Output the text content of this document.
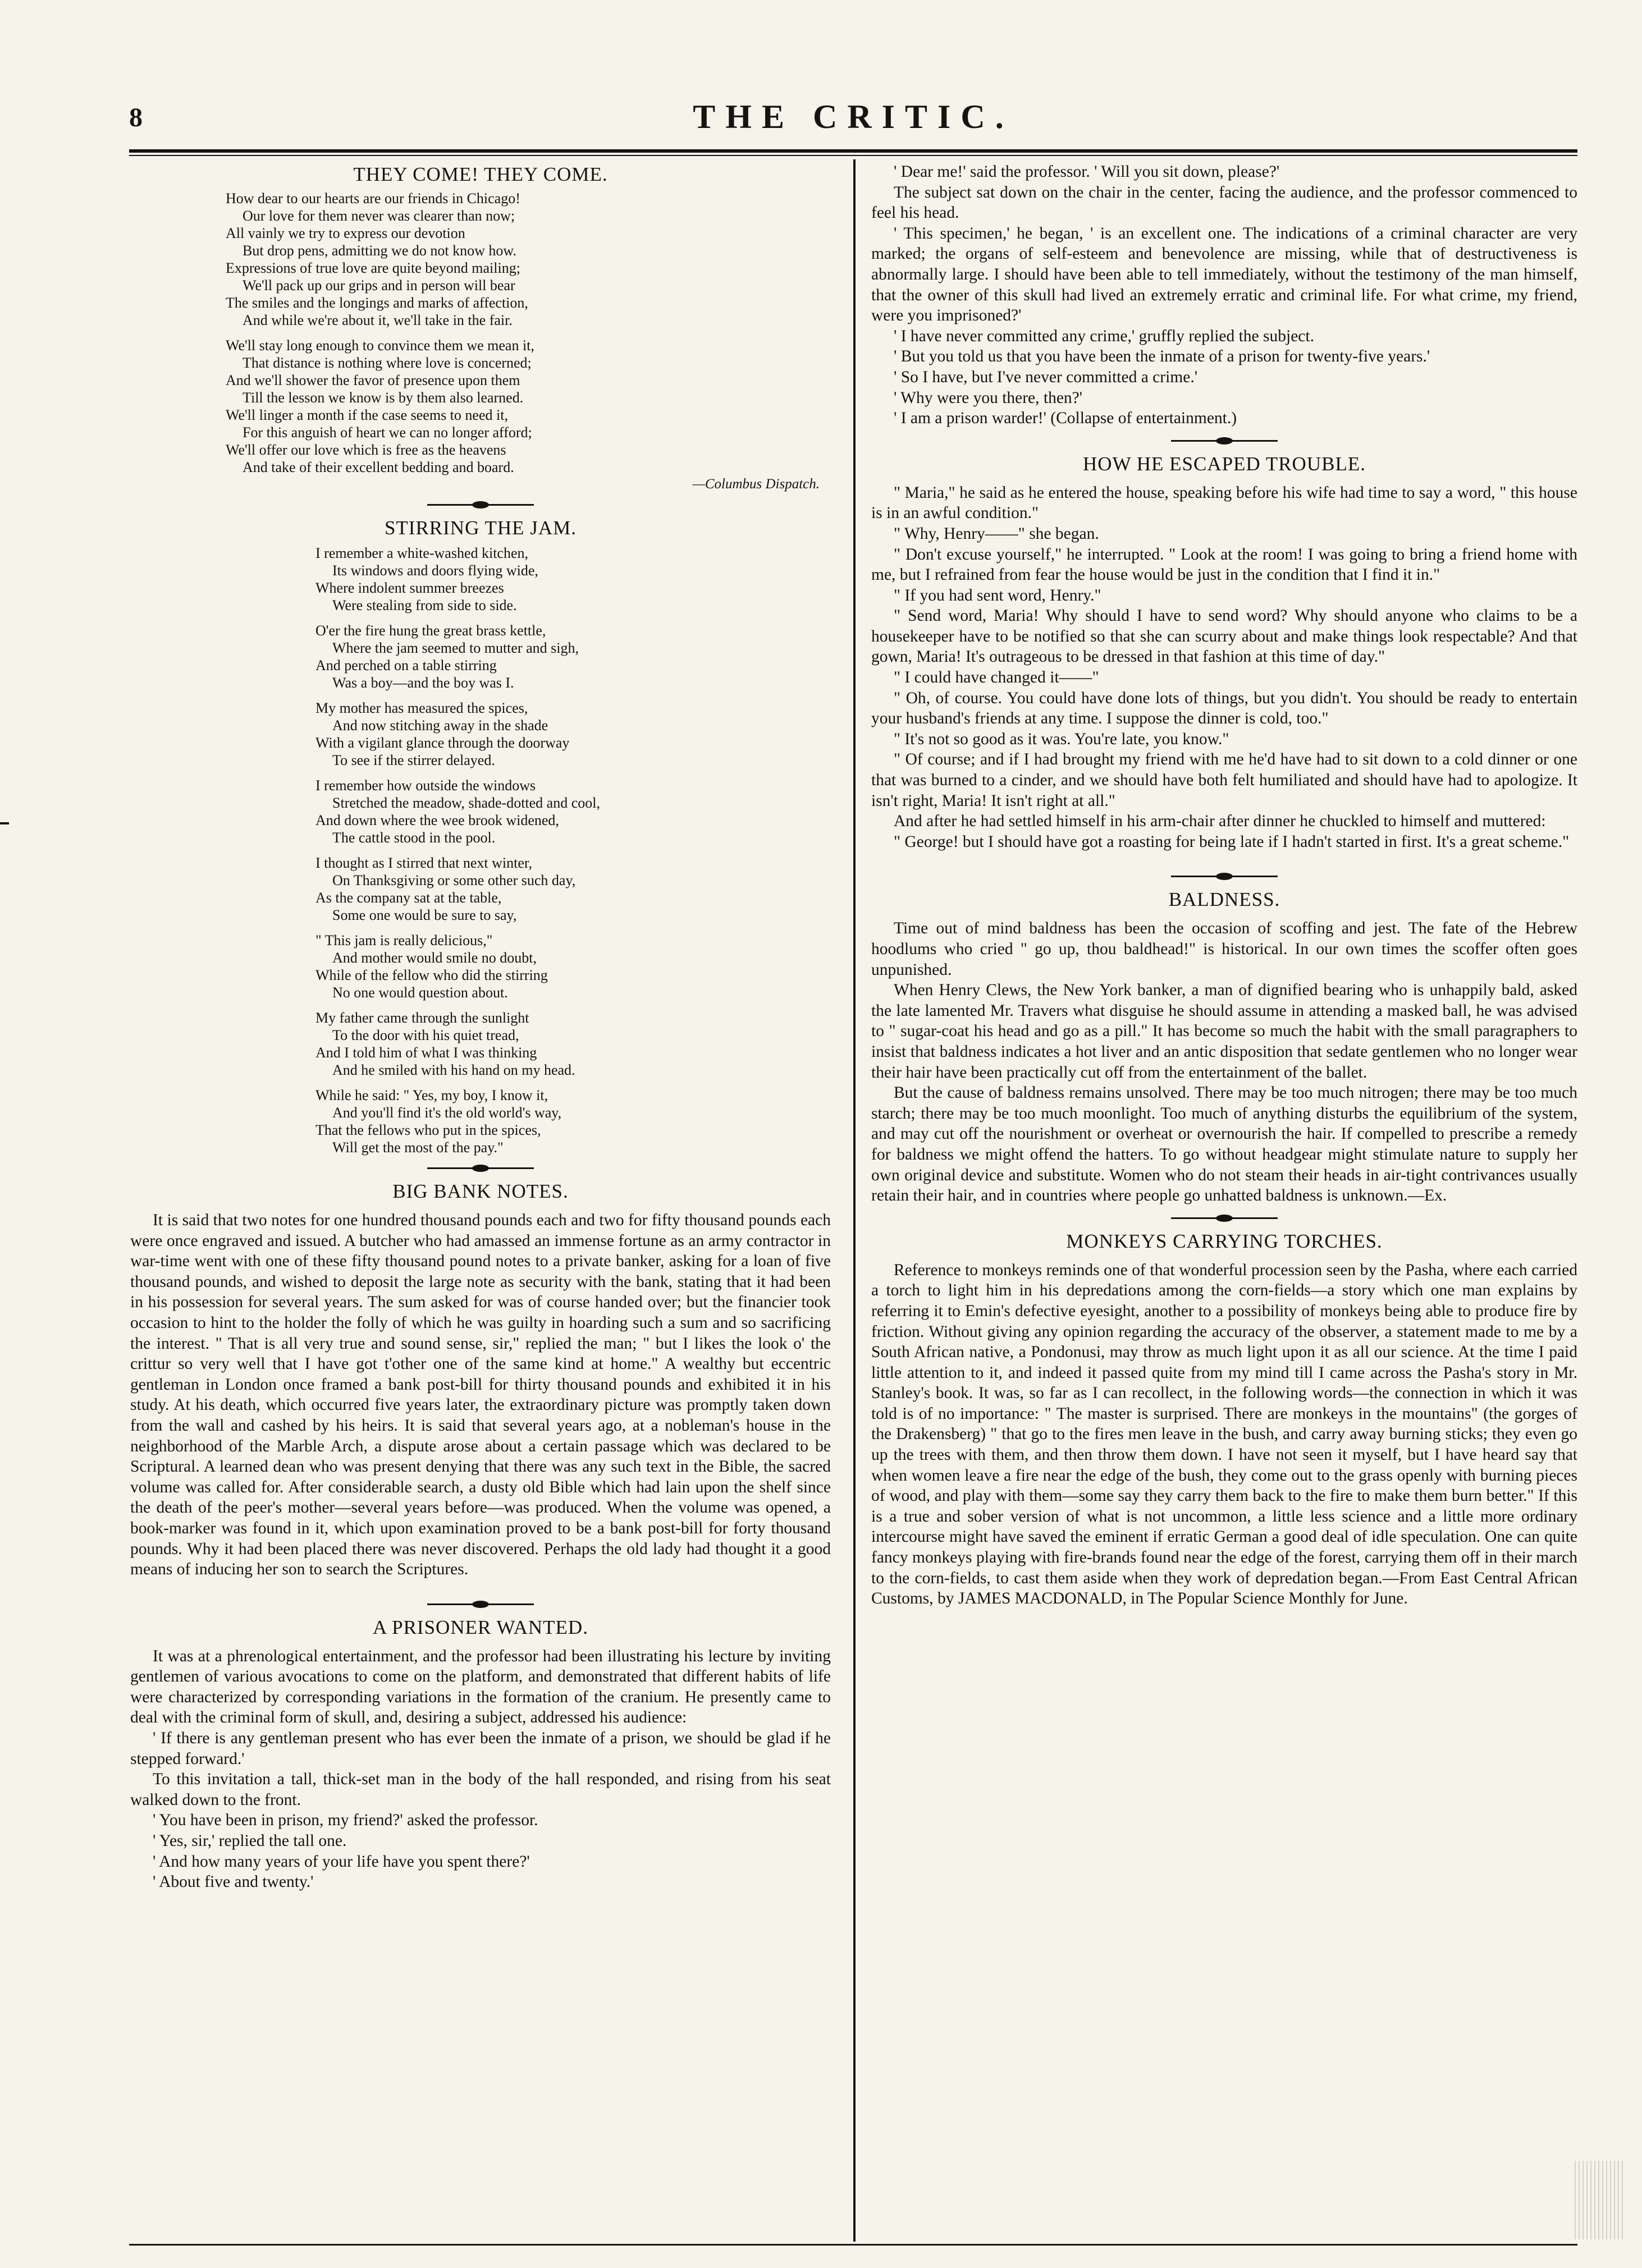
8	THE CRITIC.
THEY COME! THEY COME.
How dear to our hearts are our friends in Chicago!
Our love for them never was clearer than now;
All vainly we try to express our devotion
But drop pens, admitting we do not know how.
Expressions of true love are quite beyond mailing;
We'll pack up our grips and in person will bear
The smiles and the longings and marks of affection,
And while we're about it, we'll take in the fair.
We'll stay long enough to convince them we mean it,
That distance is nothing where love is concerned;
And we'll shower the favor of presence upon them
Till the lesson we know is by them also learned.
We'll linger a month if the case seems to need it,
For this anguish of heart we can no longer afford;
We'll offer our love which is free as the heavens
And take of their excellent bedding and board.
—Columbus Dispatch.
STIRRING THE JAM.
I remember a white-washed kitchen,
Its windows and doors flying wide,
Where indolent summer breezes
Were stealing from side to side.
O'er the fire hung the great brass kettle,
Where the jam seemed to mutter and sigh,
And perched on a table stirring
Was a boy—and the boy was I.
My mother has measured the spices,
And now stitching away in the shade
With a vigilant glance through the doorway
To see if the stirrer delayed.
I remember how outside the windows
Stretched the meadow, shade-dotted and cool,
And down where the wee brook widened,
The cattle stood in the pool.
I thought as I stirred that next winter,
On Thanksgiving or some other such day,
As the company sat at the table,
Some one would be sure to say,
" This jam is really delicious,"
And mother would smile no doubt,
While of the fellow who did the stirring
No one would question about.
My father came through the sunlight
To the door with his quiet tread,
And I told him of what I was thinking
And he smiled with his hand on my head.
While he said: " Yes, my boy, I know it,
And you'll find it's the old world's way,
That the fellows who put in the spices,
Will get the most of the pay."
BIG BANK NOTES.

It is said that two notes for one hundred thousand pounds each and two for fifty thousand pounds each were once engraved and issued. A butcher who had amassed an immense fortune as an army contractor in war-time went with one of these fifty thousand pound notes to a private banker, asking for a loan of five thousand pounds, and wished to deposit the large note as security with the bank, stating that it had been in his possession for several years. The sum asked for was of course handed over; but the financier took occasion to hint to the holder the folly of which he was guilty in hoarding such a sum and so sacrificing the interest. " That is all very true and sound sense, sir," replied the man; " but I likes the look o' the crittur so very well that I have got t'other one of the same kind at home." A wealthy but eccentric gentleman in London once framed a bank post-bill for thirty thousand pounds and exhibited it in his study. At his death, which occurred five years later, the extraordinary picture was promptly taken down from the wall and cashed by his heirs. It is said that several years ago, at a nobleman's house in the neighborhood of the Marble Arch, a dispute arose about a certain passage which was declared to be Scriptural. A learned dean who was present denying that there was any such text in the Bible, the sacred volume was called for. After considerable search, a dusty old Bible which had lain upon the shelf since the death of the peer's mother—several years before—was produced. When the volume was opened, a book-marker was found in it, which upon examination proved to be a bank post-bill for forty thousand pounds. Why it had been placed there was never discovered. Perhaps the old lady had thought it a good means of inducing her son to search the Scriptures.

A PRISONER WANTED.

It was at a phrenological entertainment, and the professor had been illustrating his lecture by inviting gentlemen of various avocations to come on the platform, and demonstrated that different habits of life were characterized by corresponding variations in the formation of the cranium. He presently came to deal with the criminal form of skull, and, desiring a subject, addressed his audience:

' If there is any gentleman present who has ever been the inmate of a prison, we should be glad if he stepped forward.'

To this invitation a tall, thick-set man in the body of the hall responded, and rising from his seat walked down to the front.

' You have been in prison, my friend?' asked the professor.

' Yes, sir,' replied the tall one.

' And how many years of your life have you spent there?'

' About five and twenty.'

' Dear me!' said the professor. ' Will you sit down, please?'

The subject sat down on the chair in the center, facing the audience, and the professor commenced to feel his head.

' This specimen,' he began, ' is an excellent one. The indications of a criminal character are very marked; the organs of self-esteem and benevolence are missing, while that of destructiveness is abnormally large. I should have been able to tell immediately, without the testimony of the man himself, that the owner of this skull had lived an extremely erratic and criminal life. For what crime, my friend, were you imprisoned?'

' I have never committed any crime,' gruffly replied the subject.

' But you told us that you have been the inmate of a prison for twenty-five years.'

' So I have, but I've never committed a crime.'

' Why were you there, then?'

' I am a prison warder!' (Collapse of entertainment.)

HOW HE ESCAPED TROUBLE.

" Maria," he said as he entered the house, speaking before his wife had time to say a word, " this house is in an awful condition."

" Why, Henry——" she began.

" Don't excuse yourself," he interrupted. " Look at the room! I was going to bring a friend home with me, but I refrained from fear the house would be just in the condition that I find it in."

" If you had sent word, Henry."

" Send word, Maria! Why should I have to send word? Why should anyone who claims to be a housekeeper have to be notified so that she can scurry about and make things look respectable? And that gown, Maria! It's outrageous to be dressed in that fashion at this time of day."

" I could have changed it——"

" Oh, of course. You could have done lots of things, but you didn't. You should be ready to entertain your husband's friends at any time. I suppose the dinner is cold, too."

" It's not so good as it was. You're late, you know."

" Of course; and if I had brought my friend with me he'd have had to sit down to a cold dinner or one that was burned to a cinder, and we should have both felt humiliated and should have had to apologize. It isn't right, Maria! It isn't right at all."

And after he had settled himself in his arm-chair after dinner he chuckled to himself and muttered:

" George! but I should have got a roasting for being late if I hadn't started in first. It's a great scheme."

BALDNESS.

Time out of mind baldness has been the occasion of scoffing and jest. The fate of the Hebrew hoodlums who cried " go up, thou baldhead!" is historical. In our own times the scoffer often goes unpunished.

When Henry Clews, the New York banker, a man of dignified bearing who is unhappily bald, asked the late lamented Mr. Travers what disguise he should assume in attending a masked ball, he was advised to " sugar-coat his head and go as a pill." It has become so much the habit with the small paragraphers to insist that baldness indicates a hot liver and an antic disposition that sedate gentlemen who no longer wear their hair have been practically cut off from the entertainment of the ballet.

But the cause of baldness remains unsolved. There may be too much nitrogen; there may be too much starch; there may be too much moonlight. Too much of anything disturbs the equilibrium of the system, and may cut off the nourishment or overheat or overnourish the hair. If compelled to prescribe a remedy for baldness we might offend the hatters. To go without headgear might stimulate nature to supply her own original device and substitute. Women who do not steam their heads in air-tight contrivances usually retain their hair, and in countries where people go unhatted baldness is unknown.—Ex.

MONKEYS CARRYING TORCHES.

Reference to monkeys reminds one of that wonderful procession seen by the Pasha, where each carried a torch to light him in his depredations among the corn-fields—a story which one man explains by referring it to Emin's defective eyesight, another to a possibility of monkeys being able to produce fire by friction. Without giving any opinion regarding the accuracy of the observer, a statement made to me by a South African native, a Pondonusi, may throw as much light upon it as all our science. At the time I paid little attention to it, and indeed it passed quite from my mind till I came across the Pasha's story in Mr. Stanley's book. It was, so far as I can recollect, in the following words—the connection in which it was told is of no importance: " The master is surprised. There are monkeys in the mountains" (the gorges of the Drakensberg) " that go to the fires men leave in the bush, and carry away burning sticks; they even go up the trees with them, and then throw them down. I have not seen it myself, but I have heard say that when women leave a fire near the edge of the bush, they come out to the grass openly with burning pieces of wood, and play with them—some say they carry them back to the fire to make them burn better." If this is a true and sober version of what is not uncommon, a little less science and a little more ordinary intercourse might have saved the eminent if erratic German a good deal of idle speculation. One can quite fancy monkeys playing with fire-brands found near the edge of the forest, carrying them off in their march to the corn-fields, to cast them aside when they work of depredation began.—From East Central African Customs, by JAMES MACDONALD, in The Popular Science Monthly for June.
